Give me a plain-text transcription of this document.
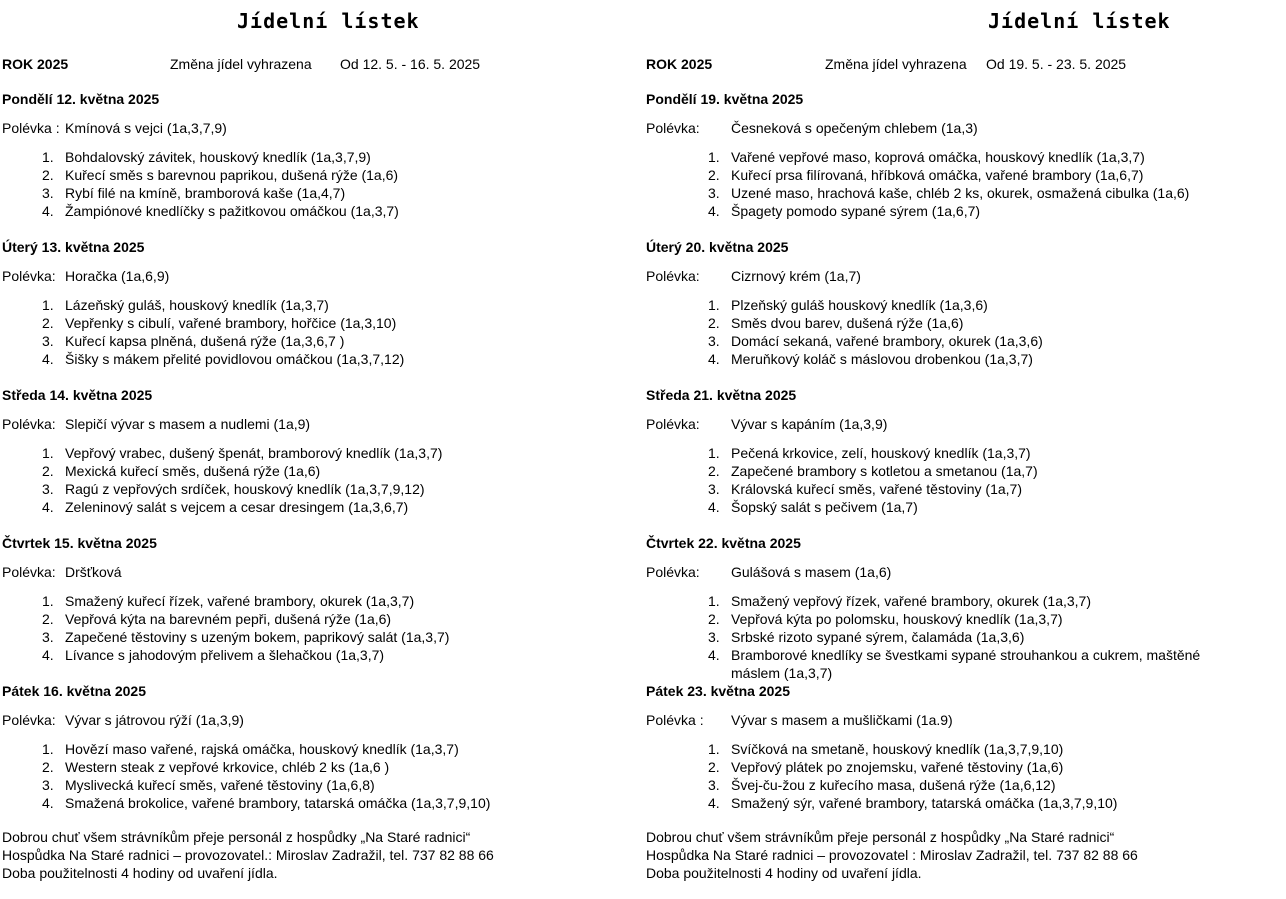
Jídelní lístek
ROK 2025	Změna jídel vyhrazena Od 12. 5. - 16. 5. 2025
Pondělí 12. května 2025
Polévka : Kmínová s vejci (1a,3,7,9)
1. Bohdalovský závitek, houskový knedlík (1a,3,7,9)
2. Kuřecí směs s barevnou paprikou, dušená rýže (1a,6)
3. Rybí filé na kmíně, bramborová kaše (1a,4,7)
4. Žampiónové knedlíčky s pažitkovou omáčkou (1a,3,7)
Úterý 13. května 2025
Polévka: Horačka (1a,6,9)
1. Lázeňský guláš, houskový knedlík (1a,3,7)
2. Vepřenky s cibulí, vařené brambory, hořčice (1a,3,10)
3. Kuřecí kapsa plněná, dušená rýže (1a,3,6,7 )
4. Šišky s mákem přelité povidlovou omáčkou (1a,3,7,12)
Středa 14. května 2025
Polévka: Slepičí vývar s masem a nudlemi (1a,9)
1. Vepřový vrabec, dušený špenát, bramborový knedlík (1a,3,7)
2. Mexická kuřecí směs, dušená rýže (1a,6)
3. Ragú z vepřových srdíček, houskový knedlík (1a,3,7,9,12)
4. Zeleninový salát s vejcem a cesar dresingem (1a,3,6,7)
Čtvrtek 15. května 2025
Polévka: Dršťková
1. Smažený kuřecí řízek, vařené brambory, okurek (1a,3,7)
2. Vepřová kýta na barevném pepři, dušená rýže (1a,6)
3. Zapečené těstoviny s uzeným bokem, paprikový salát (1a,3,7)
4. Lívance s jahodovým přelivem a šlehačkou (1a,3,7)
Pátek 16. května 2025
Polévka: Vývar s játrovou rýží (1a,3,9)
1. Hovězí maso vařené, rajská omáčka, houskový knedlík (1a,3,7)
2. Western steak z vepřové krkovice, chléb 2 ks (1a,6 )
3. Myslivecká kuřecí směs, vařené těstoviny (1a,6,8)
4. Smažená brokolice, vařené brambory, tatarská omáčka (1a,3,7,9,10)
Dobrou chuť všem strávníkům přeje personál z hospůdky „Na Staré radnici“
Hospůdka Na Staré radnici – provozovatel.: Miroslav Zadražil, tel. 737 82 88 66
Doba použitelnosti 4 hodiny od uvaření jídla.
Jídelní lístek
ROK 2025	Změna jídel vyhrazena Od 19. 5. - 23. 5. 2025
Pondělí 19. května 2025
Polévka: Česneková s opečeným chlebem (1a,3)
1. Vařené vepřové maso, koprová omáčka, houskový knedlík (1a,3,7)
2. Kuřecí prsa filírovaná, hříbková omáčka, vařené brambory (1a,6,7)
3. Uzené maso, hrachová kaše, chléb 2 ks, okurek, osmažená cibulka (1a,6)
4. Špagety pomodo sypané sýrem (1a,6,7)
Úterý 20. května 2025
Polévka: Cizrnový krém (1a,7)
1. Plzeňský guláš houskový knedlík (1a,3,6)
2. Směs dvou barev, dušená rýže (1a,6)
3. Domácí sekaná, vařené brambory, okurek (1a,3,6)
4. Meruňkový koláč s máslovou drobenkou (1a,3,7)
Středa 21. května 2025
Polévka: Vývar s kapáním (1a,3,9)
1. Pečená krkovice, zelí, houskový knedlík (1a,3,7)
2. Zapečené brambory s kotletou a smetanou (1a,7)
3. Královská kuřecí směs, vařené těstoviny (1a,7)
4. Šopský salát s pečivem (1a,7)
Čtvrtek 22. května 2025
Polévka: Gulášová s masem (1a,6)
1. Smažený vepřový řízek, vařené brambory, okurek (1a,3,7)
2. Vepřová kýta po polomsku, houskový knedlík (1a,3,7)
3. Srbské rizoto sypané sýrem, čalamáda (1a,3,6)
4. Bramborové knedlíky se švestkami sypané strouhankou a cukrem, maštěné máslem (1a,3,7)
Pátek 23. května 2025
Polévka : Vývar s masem a mušličkami (1a.9)
1. Svíčková na smetaně, houskový knedlík (1a,3,7,9,10)
2. Vepřový plátek po znojemsku, vařené těstoviny (1a,6)
3. Švej-ču-žou z kuřecího masa, dušená rýže (1a,6,12)
4. Smažený sýr, vařené brambory, tatarská omáčka (1a,3,7,9,10)
Dobrou chuť všem strávníkům přeje personál z hospůdky „Na Staré radnici“
Hospůdka Na Staré radnici – provozovatel : Miroslav Zadražil, tel. 737 82 88 66
Doba použitelnosti 4 hodiny od uvaření jídla.
